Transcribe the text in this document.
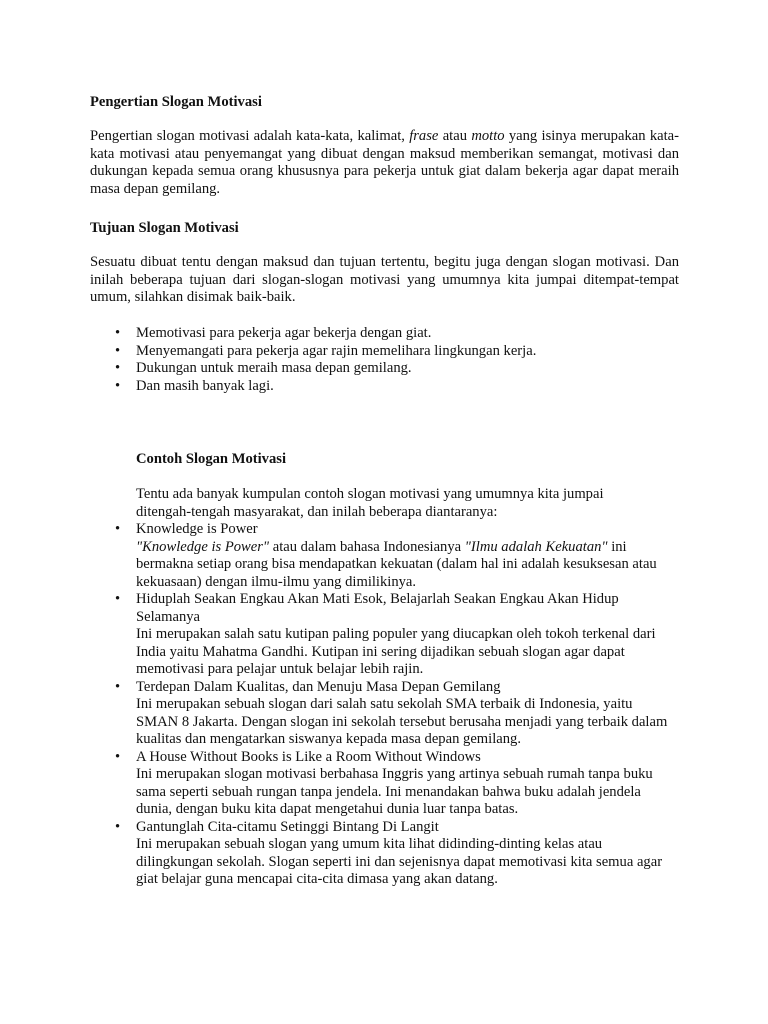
Pengertian Slogan Motivasi

Pengertian slogan motivasi adalah kata-kata, kalimat, frase atau motto yang isinya merupakan kata-kata motivasi atau penyemangat yang dibuat dengan maksud memberikan semangat, motivasi dan dukungan kepada semua orang khususnya para pekerja untuk giat dalam bekerja agar dapat meraih masa depan gemilang.

Tujuan Slogan Motivasi

Sesuatu dibuat tentu dengan maksud dan tujuan tertentu, begitu juga dengan slogan motivasi. Dan inilah beberapa tujuan dari slogan-slogan motivasi yang umumnya kita jumpai ditempat-tempat umum, silahkan disimak baik-baik.

• Memotivasi para pekerja agar bekerja dengan giat.
• Menyemangati para pekerja agar rajin memelihara lingkungan kerja.
• Dukungan untuk meraih masa depan gemilang.
• Dan masih banyak lagi.
Contoh Slogan Motivasi

Tentu ada banyak kumpulan contoh slogan motivasi yang umumnya kita jumpai ditengah-tengah masyarakat, dan inilah beberapa diantaranya:

• Knowledge is Power
"Knowledge is Power" atau dalam bahasa Indonesianya "Ilmu adalah Kekuatan" ini bermakna setiap orang bisa mendapatkan kekuatan (dalam hal ini adalah kesuksesan atau kekuasaan) dengan ilmu-ilmu yang dimilikinya.
• Hiduplah Seakan Engkau Akan Mati Esok, Belajarlah Seakan Engkau Akan Hidup Selamanya
Ini merupakan salah satu kutipan paling populer yang diucapkan oleh tokoh terkenal dari India yaitu Mahatma Gandhi. Kutipan ini sering dijadikan sebuah slogan agar dapat memotivasi para pelajar untuk belajar lebih rajin.
• Terdepan Dalam Kualitas, dan Menuju Masa Depan Gemilang
Ini merupakan sebuah slogan dari salah satu sekolah SMA terbaik di Indonesia, yaitu SMAN 8 Jakarta. Dengan slogan ini sekolah tersebut berusaha menjadi yang terbaik dalam kualitas dan mengatarkan siswanya kepada masa depan gemilang.
• A House Without Books is Like a Room Without Windows
Ini merupakan slogan motivasi berbahasa Inggris yang artinya sebuah rumah tanpa buku sama seperti sebuah rungan tanpa jendela. Ini menandakan bahwa buku adalah jendela dunia, dengan buku kita dapat mengetahui dunia luar tanpa batas.
• Gantunglah Cita-citamu Setinggi Bintang Di Langit
Ini merupakan sebuah slogan yang umum kita lihat didinding-dinting kelas atau dilingkungan sekolah. Slogan seperti ini dan sejenisnya dapat memotivasi kita semua agar giat belajar guna mencapai cita-cita dimasa yang akan datang.
